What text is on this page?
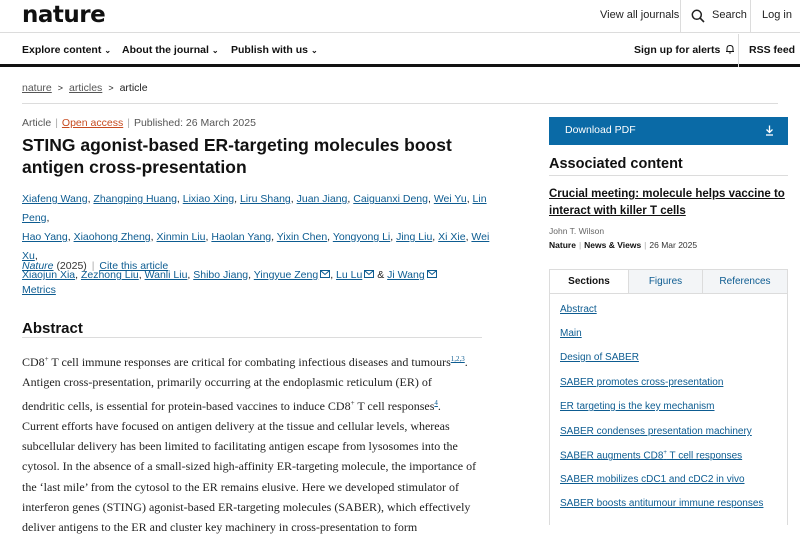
nature	View all journals	Search Log in
Explore content ⌄ About the journal ⌄ Publish with us ⌄	Sign up for alerts	RSS feed
nature > articles > article
Article | Open access | Published: 26 March 2025
STING agonist-based ER-targeting molecules boost antigen cross-presentation
Xiafeng Wang, Zhangping Huang, Lixiao Xing, Liru Shang, Juan Jiang, Caiguanxi Deng, Wei Yu, Lin Peng,
Hao Yang, Xiaohong Zheng, Xinmin Liu, Haolan Yang, Yixin Chen, Yongyong Li, Jing Liu, Xi Xie, Wei Xu,
Xiaojun Xia, Zezhong Liu, Wanli Liu, Shibo Jiang, Yingyue Zeng , Lu Lu & Ji Wang
Nature (2025) | Cite this article
Metrics
Abstract
CD8+ T cell immune responses are critical for combating infectious diseases and tumours$^{1,2,3}$.
Antigen cross-presentation, primarily occurring at the endoplasmic reticulum (ER) of
dendritic cells, is essential for protein-based vaccines to induce CD8+ T cell responses$^4$.
Current efforts have focused on antigen delivery at the tissue and cellular levels, whereas
subcellular delivery has been limited to facilitating antigen escape from lysosomes into the
cytosol. In the absence of a small-sized high-affinity ER-targeting molecule, the importance of
the ‘last mile’ from the cytosol to the ER remains elusive. Here we developed stimulator of
interferon genes (STING) agonist-based ER-targeting molecules (SABER), which effectively
deliver antigens to the ER and cluster key machinery in cross-presentation to form
Download PDF
Associated content
Crucial meeting: molecule helps vaccine to interact with killer T cells
John T. Wilson
Nature | News & Views | 26 Mar 2025
Sections	Figures	References
Abstract
Main
Design of SABER
SABER promotes cross-presentation
ER targeting is the key mechanism
SABER condenses presentation machinery
SABER augments CD8+ T cell responses
SABER mobilizes cDC1 and cDC2 in vivo
SABER boosts antitumour immune responses
